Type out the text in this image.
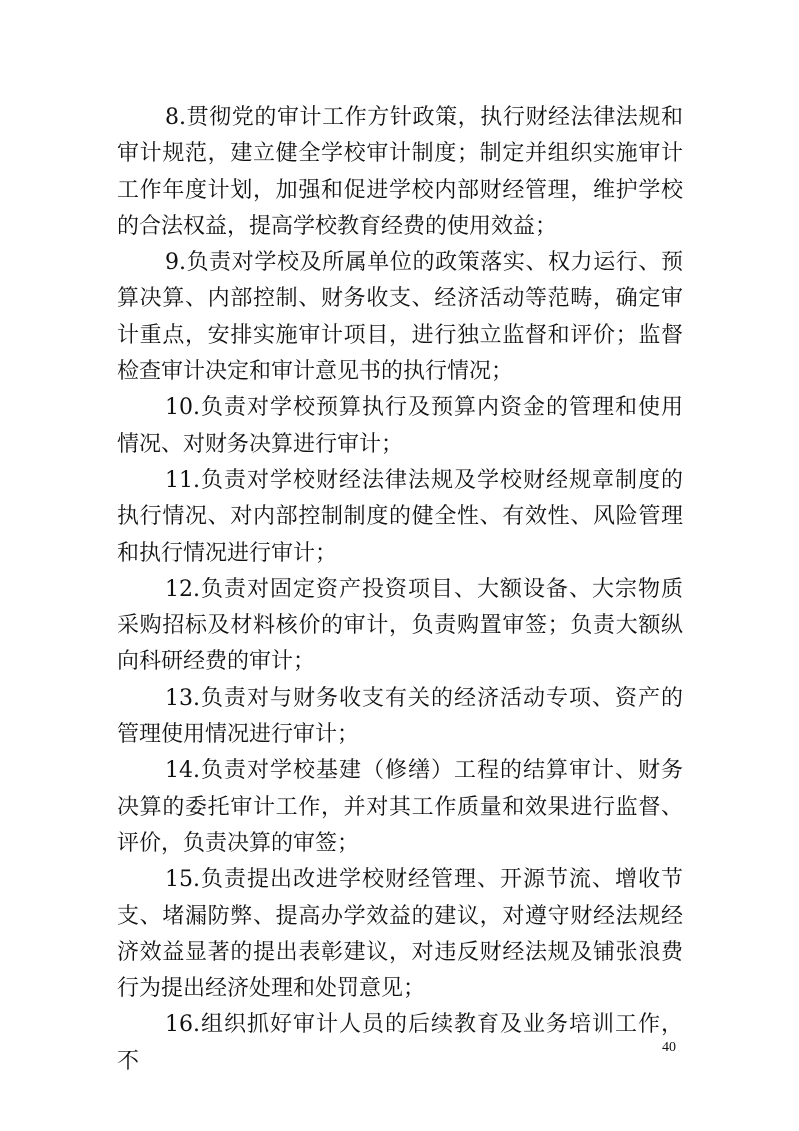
8.贯彻党的审计工作方针政策，执行财经法律法规和审计规范，建立健全学校审计制度；制定并组织实施审计工作年度计划，加强和促进学校内部财经管理，维护学校的合法权益，提高学校教育经费的使用效益；

9.负责对学校及所属单位的政策落实、权力运行、预算决算、内部控制、财务收支、经济活动等范畴，确定审计重点，安排实施审计项目，进行独立监督和评价；监督检查审计决定和审计意见书的执行情况；

10.负责对学校预算执行及预算内资金的管理和使用情况、对财务决算进行审计；

11.负责对学校财经法律法规及学校财经规章制度的执行情况、对内部控制制度的健全性、有效性、风险管理和执行情况进行审计；

12.负责对固定资产投资项目、大额设备、大宗物质采购招标及材料核价的审计，负责购置审签；负责大额纵向科研经费的审计；

13.负责对与财务收支有关的经济活动专项、资产的管理使用情况进行审计；

14.负责对学校基建（修缮）工程的结算审计、财务决算的委托审计工作，并对其工作质量和效果进行监督、评价，负责决算的审签；

15.负责提出改进学校财经管理、开源节流、增收节支、堵漏防弊、提高办学效益的建议，对遵守财经法规经济效益显著的提出表彰建议，对违反财经法规及铺张浪费行为提出经济处理和处罚意见；

16.组织抓好审计人员的后续教育及业务培训工作，不

40
